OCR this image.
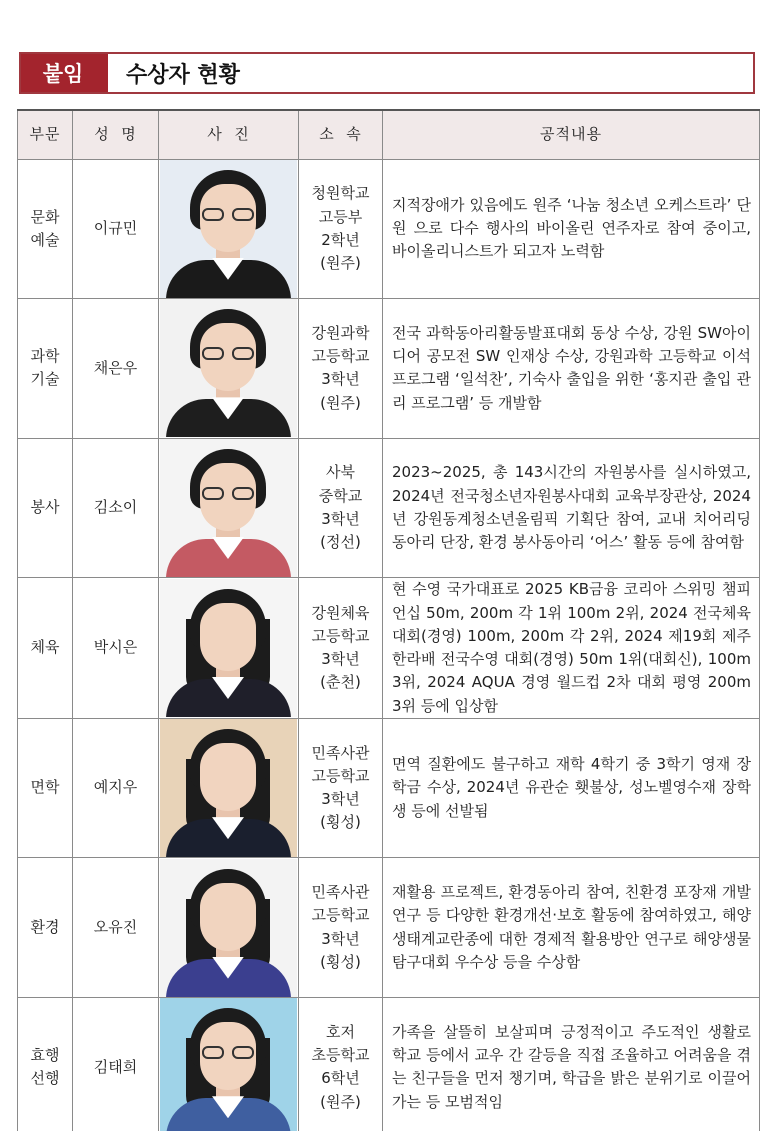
붙임	수상자 현황
부문	성  명	사  진	소  속	공적내용
문화
예술	이규민		청원학교
고등부
2학년
(원주)	지적장애가 있음에도 원주 ‘나눔 청소년 오케스트라’ 단원 으로 다수 행사의 바이올린 연주자로 참여 중이고, 바이올리니스트가 되고자 노력함
과학
기술	채은우		강원과학
고등학교
3학년
(원주)	전국 과학동아리활동발표대회 동상 수상, 강원 SW아이디어 공모전 SW 인재상 수상, 강원과학 고등학교 이석 프로그램 ‘일석찬’, 기숙사 출입을 위한 ‘홍지관 출입 관리 프로그램’ 등 개발함
봉사	김소이		사북
중학교
3학년
(정선)	2023~2025, 총 143시간의 자원봉사를 실시하였고, 2024년 전국청소년자원봉사대회 교육부장관상, 2024년 강원동계청소년올림픽 기획단 참여, 교내 치어리딩 동아리 단장, 환경 봉사동아리 ‘어스’ 활동 등에 참여함
체육	박시은		강원체육
고등학교
3학년
(춘천)	현 수영 국가대표로 2025 KB금융 코리아 스위밍 챔피언십 50m, 200m 각 1위 100m 2위, 2024 전국체육대회(경영) 100m, 200m 각 2위, 2024 제19회 제주 한라배 전국수영 대회(경영) 50m 1위(대회신), 100m 3위, 2024 AQUA 경영 월드컵 2차 대회 평영 200m 3위 등에 입상함
면학	예지우		민족사관
고등학교
3학년
(횡성)	면역 질환에도 불구하고 재학 4학기 중 3학기 영재 장학금 수상, 2024년 유관순 횃불상, 성노벨영수재 장학생 등에 선발됨
환경	오유진		민족사관
고등학교
3학년
(횡성)	재활용 프로젝트, 환경동아리 참여, 친환경 포장재 개발 연구 등 다양한 환경개선·보호 활동에 참여하였고, 해양생태계교란종에 대한 경제적 활용방안 연구로 해양생물 탐구대회 우수상 등을 수상함
효행
선행	김태희		호저
초등학교
6학년
(원주)	가족을 살뜰히 보살피며 긍정적이고 주도적인 생활로 학교 등에서 교우 간 갈등을 직접 조율하고 어려움을 겪는 친구들을 먼저 챙기며, 학급을 밝은 분위기로 이끌어가는 등 모범적임
